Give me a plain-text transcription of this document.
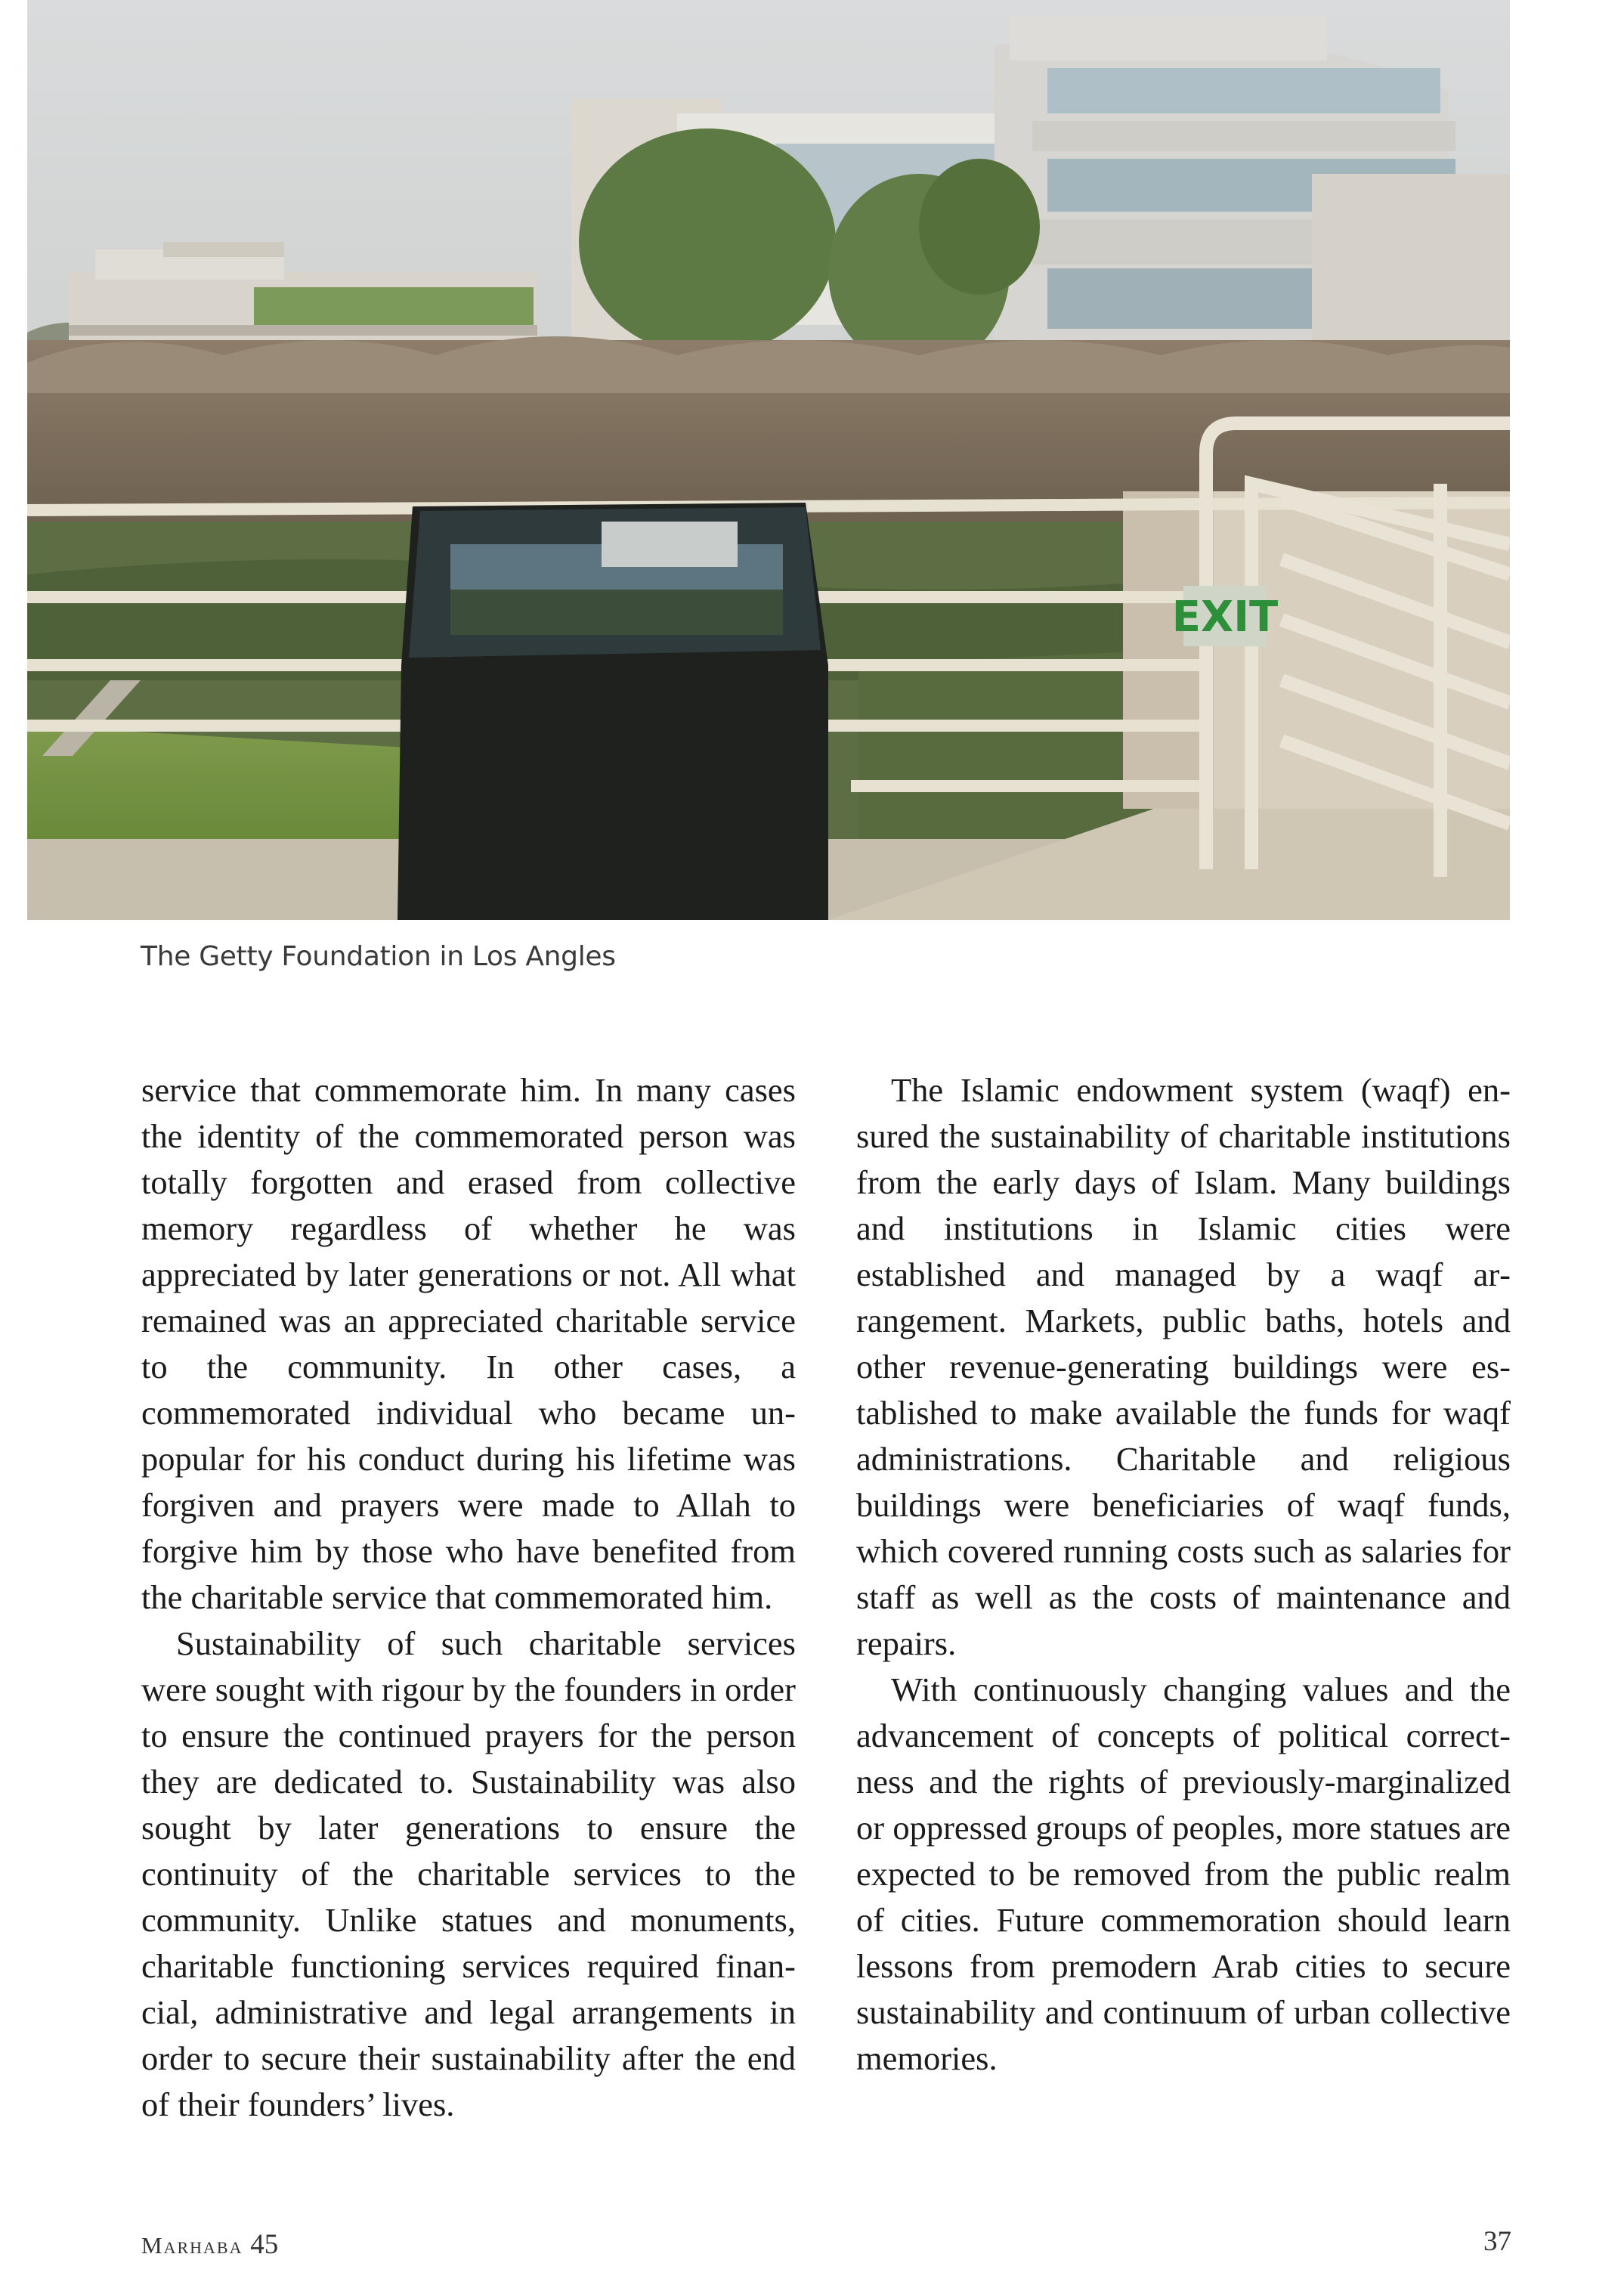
EXIT
The Getty Foundation in Los Angles

service that commemorate him. In many cases the identity of the commemorated person was totally forgotten and erased from collective memory regardless of whether he was appreciated by later generations or not. All what remained was an appreciated charitable service to the community. In other cases, a commemorated individual who became unpopular for his conduct during his lifetime was forgiven and prayers were made to Allah to forgive him by those who have benefited from the charitable service that commemorated him.

Sustainability of such charitable services were sought with rigour by the founders in order to ensure the continued prayers for the person they are dedicated to. Sustainability was also sought by later generations to ensure the continuity of the charitable services to the community. Unlike statues and monuments, charitable functioning services required financial, administrative and legal arrangements in order to secure their sustainability after the end of their founders’ lives.

The Islamic endowment system (waqf) ensured the sustainability of charitable institutions from the early days of Islam. Many buildings and institutions in Islamic cities were established and managed by a waqf arrangement. Markets, public baths, hotels and other revenue-generating buildings were established to make available the funds for waqf administrations. Charitable and religious buildings were beneficiaries of waqf funds, which covered running costs such as salaries for staff as well as the costs of maintenance and repairs.

With continuously changing values and the advancement of concepts of political correctness and the rights of previously-marginalized or oppressed groups of peoples, more statues are expected to be removed from the public realm of cities. Future commemoration should learn lessons from premodern Arab cities to secure sustainability and continuum of urban collective memories.

Marhaba 45	37
